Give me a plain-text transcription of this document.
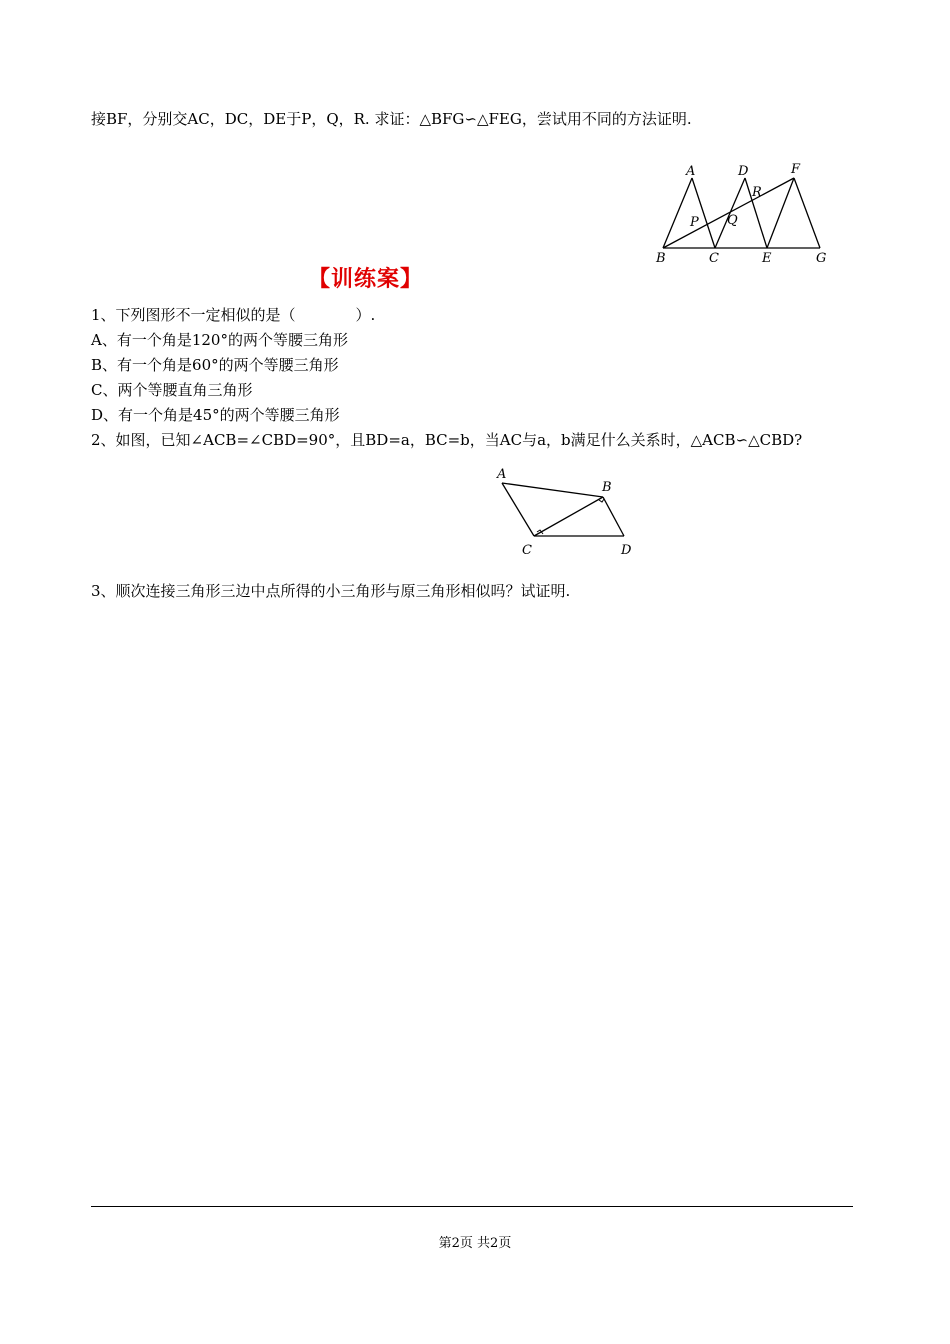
接BF，分别交AC，DC，DE于P，Q，R. 求证：△BFG∽△FEG，尝试用不同的方法证明.
A	D	F
R
P Q
B	C	E	G
【训练案】
1、下列图形不一定相似的是（　　　　）.
A、有一个角是120°的两个等腰三角形
B、有一个角是60°的两个等腰三角形
C、两个等腰直角三角形
D、有一个角是45°的两个等腰三角形
2、如图，已知∠ACB=∠CBD=90°，且BD=a，BC=b，当AC与a，b满足什么关系时，△ACB∽△CBD?
A
B
C	D
3、顺次连接三角形三边中点所得的小三角形与原三角形相似吗？试证明.
第2页 共2页
